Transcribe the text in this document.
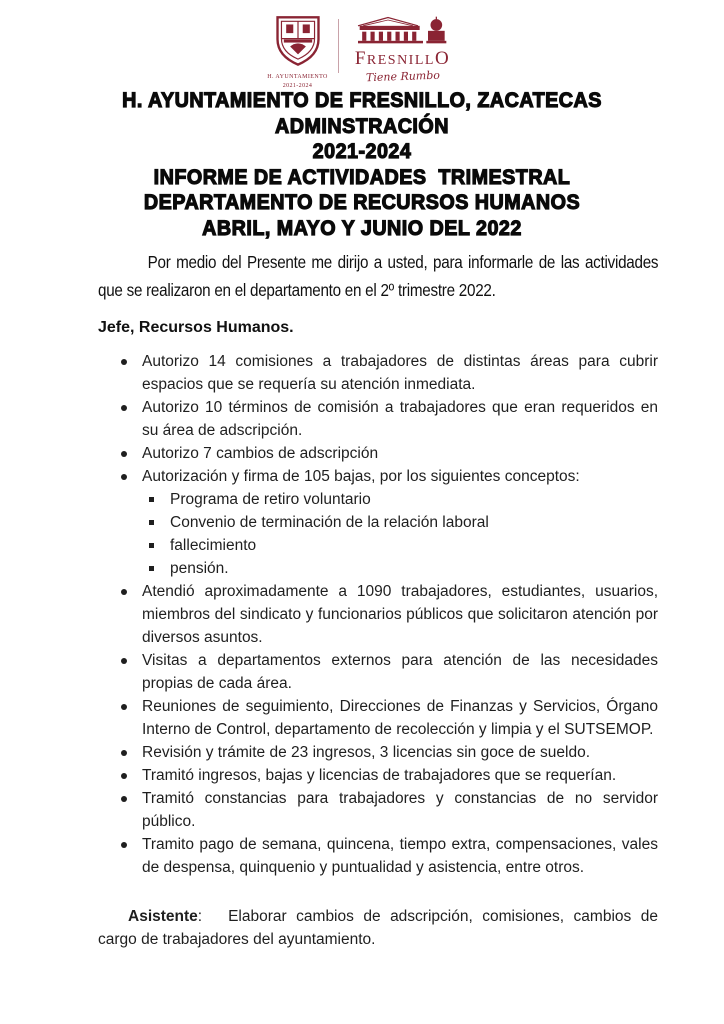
H. AYUNTAMIENTO
2021-2024
FRESNILLO
Tiene Rumbo
H. AYUNTAMIENTO DE FRESNILLO, ZACATECAS
ADMINSTRACIÓN
2021-2024
INFORME DE ACTIVIDADES  TRIMESTRAL
DEPARTAMENTO DE RECURSOS HUMANOS
ABRIL, MAYO Y JUNIO DEL 2022

Por medio del Presente me dirijo a usted, para informarle de las actividades que se realizaron en el departamento en el 2º trimestre 2022.

Jefe, Recursos Humanos.

Autorizo 14 comisiones a trabajadores de distintas áreas para cubrir espacios que se requería su atención inmediata.
Autorizo 10 términos de comisión a trabajadores que eran requeridos en su área de adscripción.
Autorizo 7 cambios de adscripción
Autorización y firma de 105 bajas, por los siguientes conceptos:
Programa de retiro voluntario
Convenio de terminación de la relación laboral
fallecimiento
pensión.
Atendió aproximadamente a 1090 trabajadores, estudiantes, usuarios, miembros del sindicato y funcionarios públicos que solicitaron atención por diversos asuntos.
Visitas a departamentos externos para atención de las necesidades propias de cada área.
Reuniones de seguimiento, Direcciones de Finanzas y Servicios, Órgano Interno de Control, departamento de recolección y limpia y el SUTSEMOP.
Revisión y trámite de 23 ingresos, 3 licencias sin goce de sueldo.
Tramitó ingresos, bajas y licencias de trabajadores que se requerían.
Tramitó constancias para trabajadores y constancias de no servidor público.
Tramito pago de semana, quincena, tiempo extra, compensaciones, vales de despensa, quinquenio y puntualidad y asistencia, entre otros.

Asistente: Elaborar cambios de adscripción, comisiones, cambios de cargo de trabajadores del ayuntamiento.
